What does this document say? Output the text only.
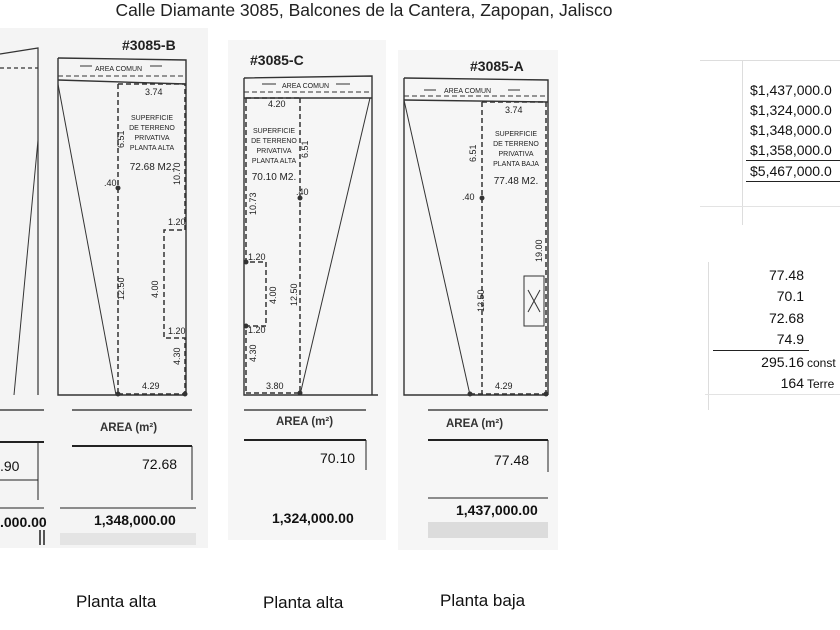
Calle Diamante 3085, Balcones de la Cantera, Zapopan, Jalisco
#3085-B
#3085-C	#3085-A
AREA COMUN
AREA COMUN
AREA COMUN
SUPERFICIE
DE TERRENO
PRIVATIVA
PLANTA ALTA
72.68 M2.
SUPERFICIE
DE TERRENO
PRIVATIVA
PLANTA ALTA
70.10 M2.
SUPERFICIE
DE TERRENO
PRIVATIVA
PLANTA BAJA
77.48 M2.
3.74
6.51
.40	10.70
1.20
4.00
1.20
12.50
4.30
4.29
4.20
6.51
.40
10.73
1.20
4.00 12.50
1.20
4.30
3.80
3.74
6.51
.40
19.00
12.50
4.29
.90
.000.00
AREA (m²)
72.68
1,348,000.00
AREA (m²)
70.10
1,324,000.00
AREA (m²)
77.48
1,437,000.00
Planta alta	Planta alta	Planta baja
$1,437,000.0
$1,324,000.0
$1,348,000.0
$1,358,000.0
$5,467,000.0
77.48
70.1
72.68
74.9
295.16 const
164 Terre
